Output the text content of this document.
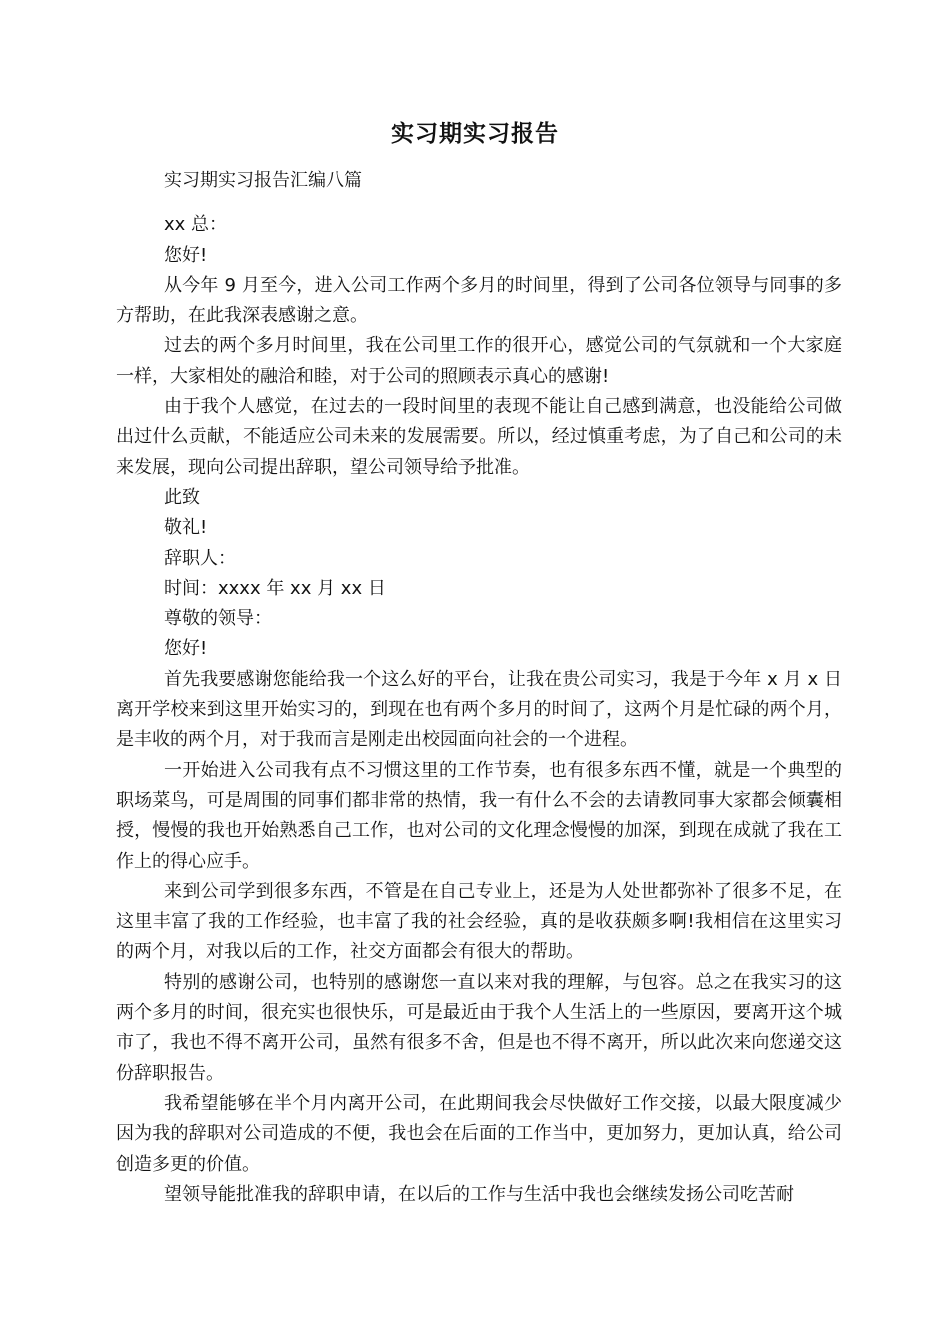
实习期实习报告

实习期实习报告汇编八篇

xx 总：

您好!

从今年 9 月至今，进入公司工作两个多月的时间里，得到了公司各位领导与同事的多方帮助，在此我深表感谢之意。

过去的两个多月时间里，我在公司里工作的很开心，感觉公司的气氛就和一个大家庭一样，大家相处的融洽和睦，对于公司的照顾表示真心的感谢!

由于我个人感觉，在过去的一段时间里的表现不能让自己感到满意，也没能给公司做出过什么贡献，不能适应公司未来的发展需要。所以，经过慎重考虑，为了自己和公司的未来发展，现向公司提出辞职，望公司领导给予批准。

此致

敬礼!

辞职人：

时间：xxxx 年 xx 月 xx 日

尊敬的领导：

您好!

首先我要感谢您能给我一个这么好的平台，让我在贵公司实习，我是于今年 x 月 x 日离开学校来到这里开始实习的，到现在也有两个多月的时间了，这两个月是忙碌的两个月，是丰收的两个月，对于我而言是刚走出校园面向社会的一个进程。

一开始进入公司我有点不习惯这里的工作节奏，也有很多东西不懂，就是一个典型的职场菜鸟，可是周围的同事们都非常的热情，我一有什么不会的去请教同事大家都会倾囊相授，慢慢的我也开始熟悉自己工作，也对公司的文化理念慢慢的加深，到现在成就了我在工作上的得心应手。

来到公司学到很多东西，不管是在自己专业上，还是为人处世都弥补了很多不足，在这里丰富了我的工作经验，也丰富了我的社会经验，真的是收获颇多啊!我相信在这里实习的两个月，对我以后的工作，社交方面都会有很大的帮助。

特别的感谢公司，也特别的感谢您一直以来对我的理解，与包容。总之在我实习的这两个多月的时间，很充实也很快乐，可是最近由于我个人生活上的一些原因，要离开这个城市了，我也不得不离开公司，虽然有很多不舍，但是也不得不离开，所以此次来向您递交这份辞职报告。

我希望能够在半个月内离开公司，在此期间我会尽快做好工作交接，以最大限度减少因为我的辞职对公司造成的不便，我也会在后面的工作当中，更加努力，更加认真，给公司创造多更的价值。

望领导能批准我的辞职申请，在以后的工作与生活中我也会继续发扬公司吃苦耐
